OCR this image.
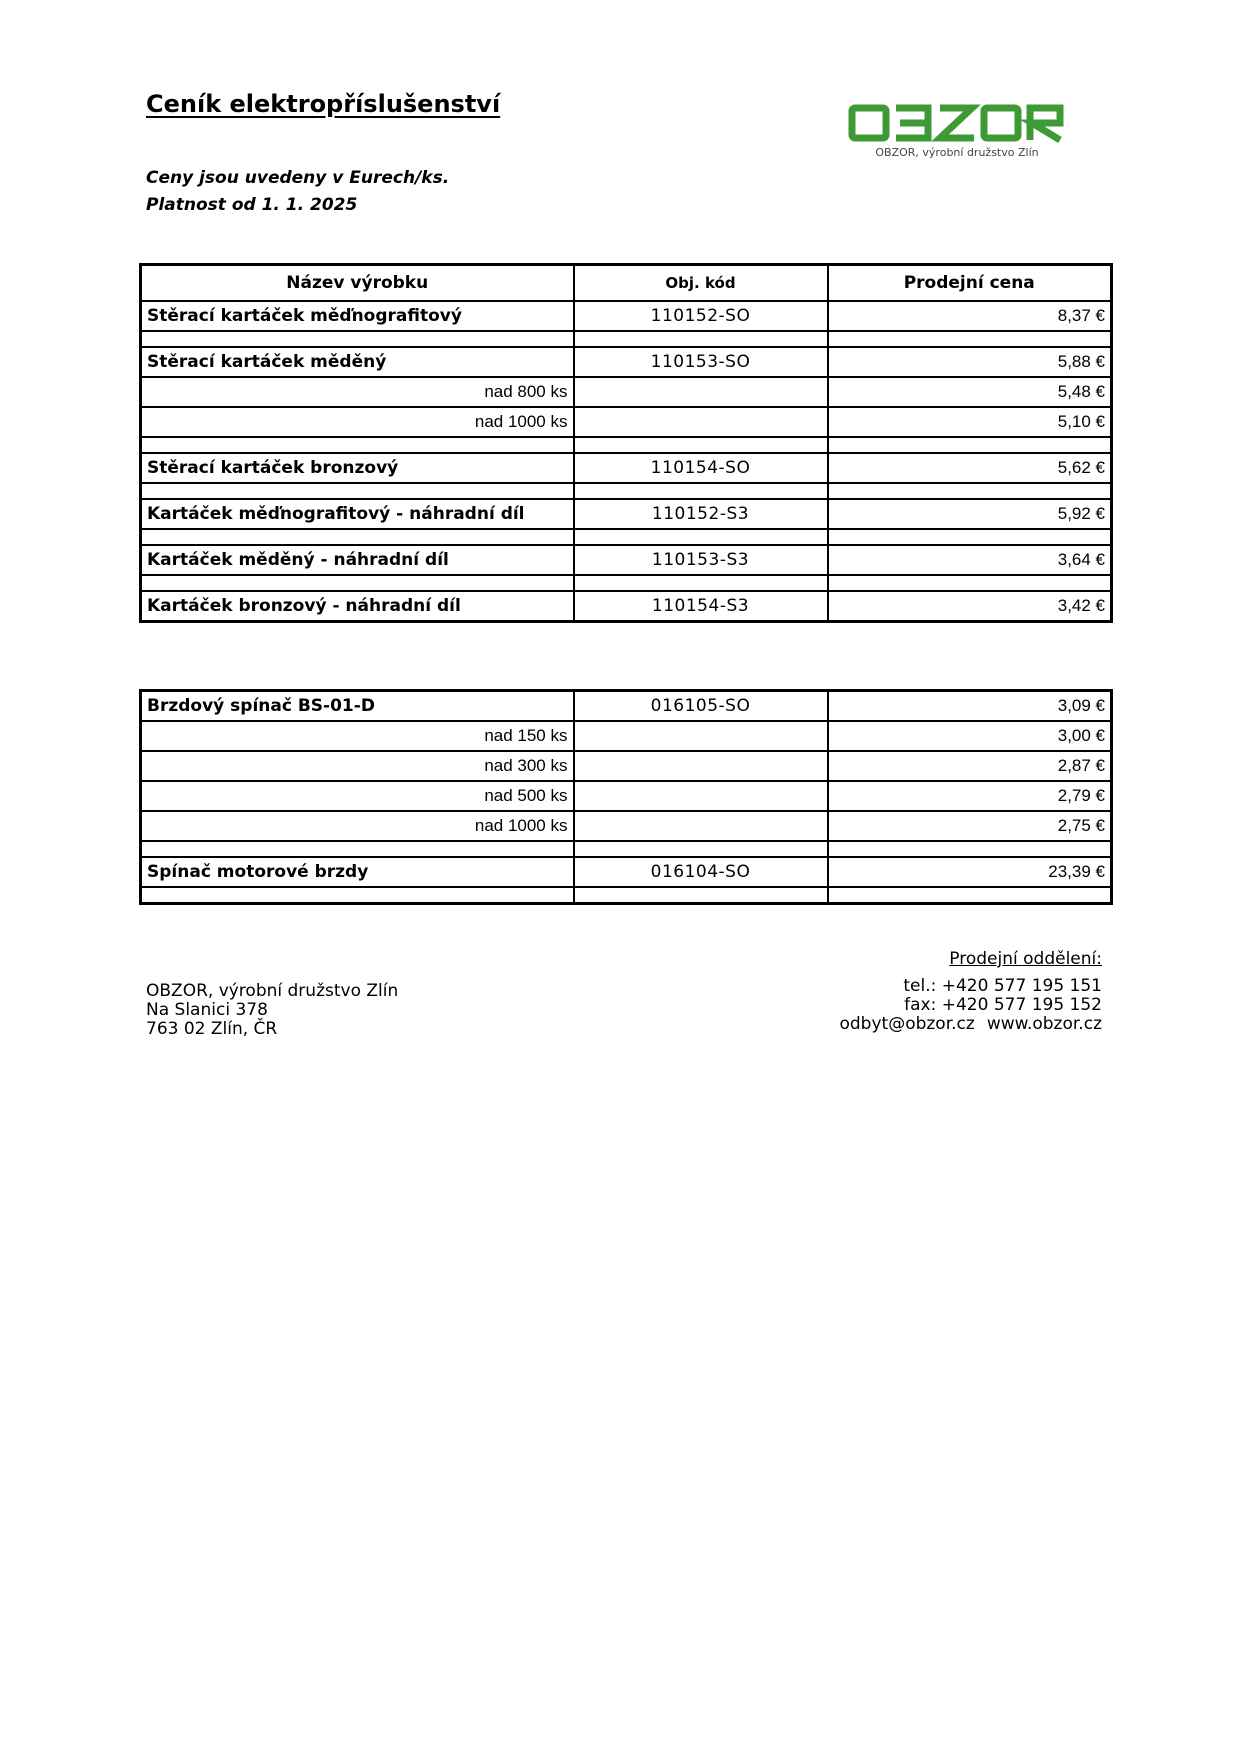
Ceník elektropříslušenství
Ceny jsou uvedeny v Eurech/ks.
Platnost od 1. 1. 2025
OBZOR, výrobní družstvo Zlín
Název výrobku	Obj. kód	Prodejní cena
Stěrací kartáček měďnografitový	110152-SO	8,37 €

Stěrací kartáček měděný	110153-SO	5,88 €
nad 800 ks		5,48 €
nad 1000 ks		5,10 €

Stěrací kartáček bronzový	110154-SO	5,62 €

Kartáček měďnografitový - náhradní díl	110152-S3	5,92 €

Kartáček měděný - náhradní díl	110153-S3	3,64 €

Kartáček bronzový - náhradní díl	110154-S3	3,42 €
Brzdový spínač BS-01-D	016105-SO	3,09 €
nad 150 ks		3,00 €
nad 300 ks		2,87 €
nad 500 ks		2,79 €
nad 1000 ks		2,75 €

Spínač motorové brzdy	016104-SO	23,39 €

OBZOR, výrobní družstvo Zlín
Na Slanici 378
763 02 Zlín, ČR
Prodejní oddělení:
tel.: +420 577 195 151
fax: +420 577 195 152
odbyt@obzor.cz www.obzor.cz
